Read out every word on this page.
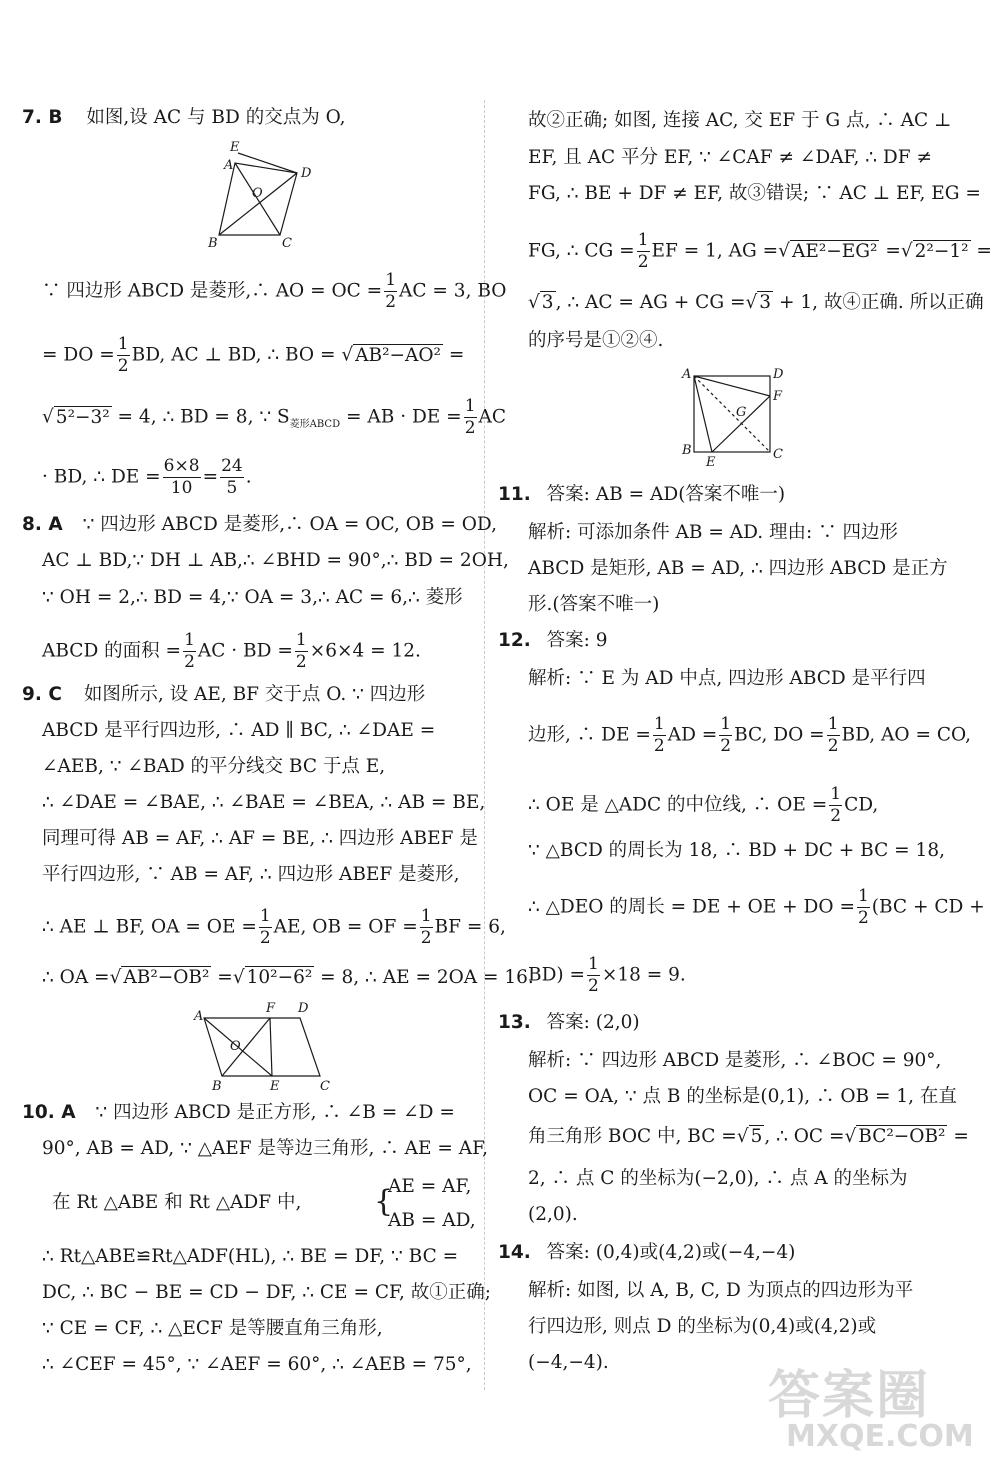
7. B 如图,设 AC 与 BD 的交点为 O,
E
A
D
O
B	C
∵ 四边形 ABCD 是菱形,∴ AO = OC = $\frac{1}{2}$ AC = 3, BO
= DO = $\frac{1}{2}$ BD, AC ⊥ BD, ∴ BO = √ AB²−AO² =
√ 5²−3² = 4, ∴ BD = 8, ∵ $S_{菱形ABCD}$ = AB · DE = $\frac{1}{2}$ AC
· BD, ∴ DE = $\frac{6\times 8}{10} = \frac{24}{5}$ .
8. A ∵ 四边形 ABCD 是菱形,∴ OA = OC, OB = OD,
AC ⊥ BD,∵ DH ⊥ AB,∴ ∠BHD = 90°,∴ BD = 2OH,
∵ OH = 2,∴ BD = 4,∵ OA = 3,∴ AC = 6,∴ 菱形
ABCD 的面积 = $\frac{1}{2}$ AC · BD = $\frac{1}{2} \times 6\times 4 = 12$.
9. C 如图所示, 设 AE, BF 交于点 O. ∵ 四边形
ABCD 是平行四边形, ∴ AD ∥ BC, ∴ ∠DAE =
∠AEB, ∵ ∠BAD 的平分线交 BC 于点 E,
∴ ∠DAE = ∠BAE, ∴ ∠BAE = ∠BEA, ∴ AB = BE,
同理可得 AB = AF, ∴ AF = BE, ∴ 四边形 ABEF 是
平行四边形, ∵ AB = AF, ∴ 四边形 ABEF 是菱形,
∴ AE ⊥ BF, OA = OE = $\frac{1}{2}$ AE, OB = OF = $\frac{1}{2}$ BF = 6,
∴ OA =√ AB²−OB² =√ 10²−6² = 8, ∴ AE = 2OA = 16.
A
F D
O
B	E	C
10. A ∵ 四边形 ABCD 是正方形, ∴ ∠B = ∠D =
90°, AB = AD, ∵ △AEF 是等边三角形, ∴ AE = AF,
在 Rt △ABE 和 Rt △ADF 中, {
AE = AF,
AB = AD,
∴ Rt△ABE≌Rt△ADF(HL), ∴ BE = DF, ∵ BC =
DC, ∴ BC − BE = CD − DF, ∴ CE = CF, 故①正确;
∵ CE = CF, ∴ △ECF 是等腰直角三角形,
∴ ∠CEF = 45°, ∵ ∠AEF = 60°, ∴ ∠AEB = 75°,
故②正确; 如图, 连接 AC, 交 EF 于 G 点, ∴ AC ⊥
EF, 且 AC 平分 EF, ∵ ∠CAF ≠ ∠DAF, ∴ DF ≠
FG, ∴ BE + DF ≠ EF, 故③错误; ∵ AC ⊥ EF, EG =
FG, ∴ CG = $\frac{1}{2}$ EF = 1, AG =√ AE²−EG² =√ 2²−1² =
√ 3 , ∴ AC = AG + CG =√ 3 + 1, 故④正确. 所以正确
的序号是①②④.
A	D
F
G
B
E
C
11. 答案: AB = AD(答案不唯一)
解析: 可添加条件 AB = AD. 理由: ∵ 四边形
ABCD 是矩形, AB = AD, ∴ 四边形 ABCD 是正方
形.(答案不唯一)
12. 答案: 9
解析: ∵ E 为 AD 中点, 四边形 ABCD 是平行四
边形, ∴ DE = $\frac{1}{2}$ AD = $\frac{1}{2}$ BC, DO = $\frac{1}{2}$ BD, AO = CO,
∴ OE 是 △ADC 的中位线, ∴ OE = $\frac{1}{2}$ CD,
∵ △BCD 的周长为 18, ∴ BD + DC + BC = 18,
∴ △DEO 的周长 = DE + OE + DO = $\frac{1}{2} (BC$ + CD +
$BD) = \frac{1}{2} \times 18 = 9$.
13. 答案: (2,0)
解析: ∵ 四边形 ABCD 是菱形, ∴ ∠BOC = 90°,
OC = OA, ∵ 点 B 的坐标是(0,1), ∴ OB = 1, 在直
角三角形 BOC 中, BC =√ 5 , ∴ OC =√ BC²−OB² =
2, ∴ 点 C 的坐标为(−2,0), ∴ 点 A 的坐标为
(2,0).
14. 答案: (0,4)或(4,2)或(−4,−4)
解析: 如图, 以 A, B, C, D 为顶点的四边形为平
行四边形, 则点 D 的坐标为(0,4)或(4,2)或
(−4,−4).
答案圈
MXQE.COM
